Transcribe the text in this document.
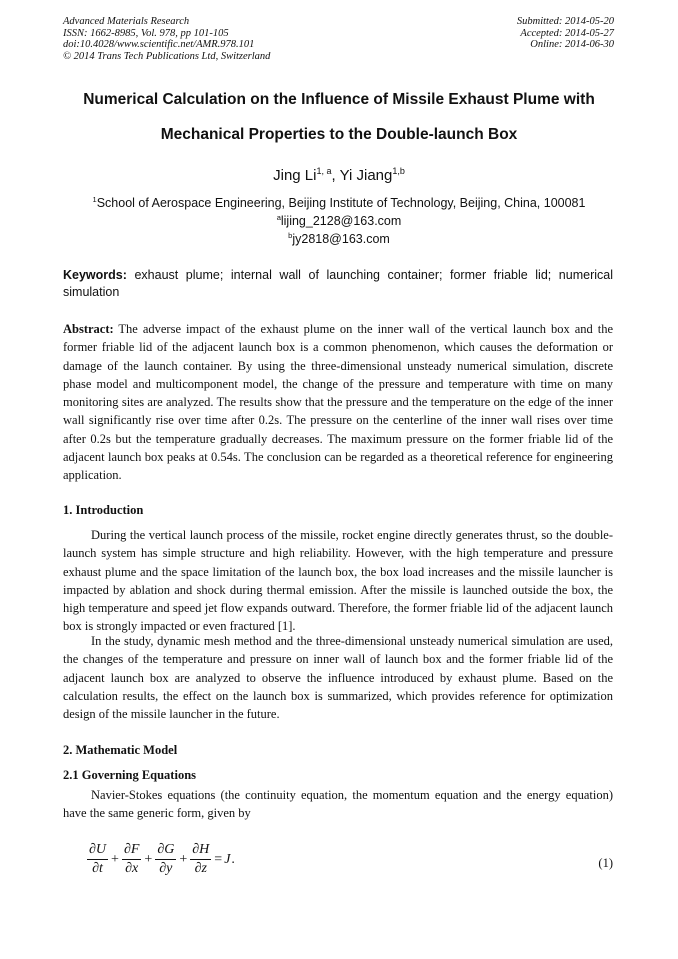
Advanced Materials Research
ISSN: 1662-8985, Vol. 978, pp 101-105
doi:10.4028/www.scientific.net/AMR.978.101
© 2014 Trans Tech Publications Ltd, Switzerland
Submitted: 2014-05-20
Accepted: 2014-05-27
Online: 2014-06-30
Numerical Calculation on the Influence of Missile Exhaust Plume with
Mechanical Properties to the Double-launch Box
Jing Li$^{1, a}$, Yi Jiang$^{1,b}$
$^1$School of Aerospace Engineering, Beijing Institute of Technology, Beijing, China, 100081
$^a$lijing_2128@163.com
$^b$jy2818@163.com
Keywords: exhaust plume; internal wall of launching container; former friable lid; numerical simulation

Abstract: The adverse impact of the exhaust plume on the inner wall of the vertical launch box and the former friable lid of the adjacent launch box is a common phenomenon, which causes the deformation or damage of the launch container. By using the three-dimensional unsteady numerical simulation, discrete phase model and multicomponent model, the change of the pressure and temperature with time on many monitoring sites are analyzed. The results show that the pressure and the temperature on the edge of the inner wall significantly rise over time after 0.2s. The pressure on the centerline of the inner wall rises over time after 0.2s but the temperature gradually decreases. The maximum pressure on the former friable lid of the adjacent launch box peaks at 0.54s. The conclusion can be regarded as a theoretical reference for engineering application.

1. Introduction

During the vertical launch process of the missile, rocket engine directly generates thrust, so the double-launch system has simple structure and high reliability. However, with the high temperature and pressure exhaust plume and the space limitation of the launch box, the box load increases and the missile launcher is impacted by ablation and shock during thermal emission. After the missile is launched outside the box, the high temperature and speed jet flow expands outward. Therefore, the former friable lid of the adjacent launch box is strongly impacted or even fractured [1].

In the study, dynamic mesh method and the three-dimensional unsteady numerical simulation are used, the changes of the temperature and pressure on inner wall of launch box and the former friable lid of the adjacent launch box are analyzed to observe the influence introduced by exhaust plume. Based on the calculation results, the effect on the launch box is summarized, which provides reference for optimization design of the missile launcher in the future.

2. Mathematic Model
2.1 Governing Equations

Navier-Stokes equations (the continuity equation, the momentum equation and the energy equation) have the same generic form, given by

$\frac{\partial U}{\partial t} + \frac{\partial F}{\partial x} + \frac{\partial G}{\partial y} + \frac{\partial H}{\partial z} = J$ .	(1)
